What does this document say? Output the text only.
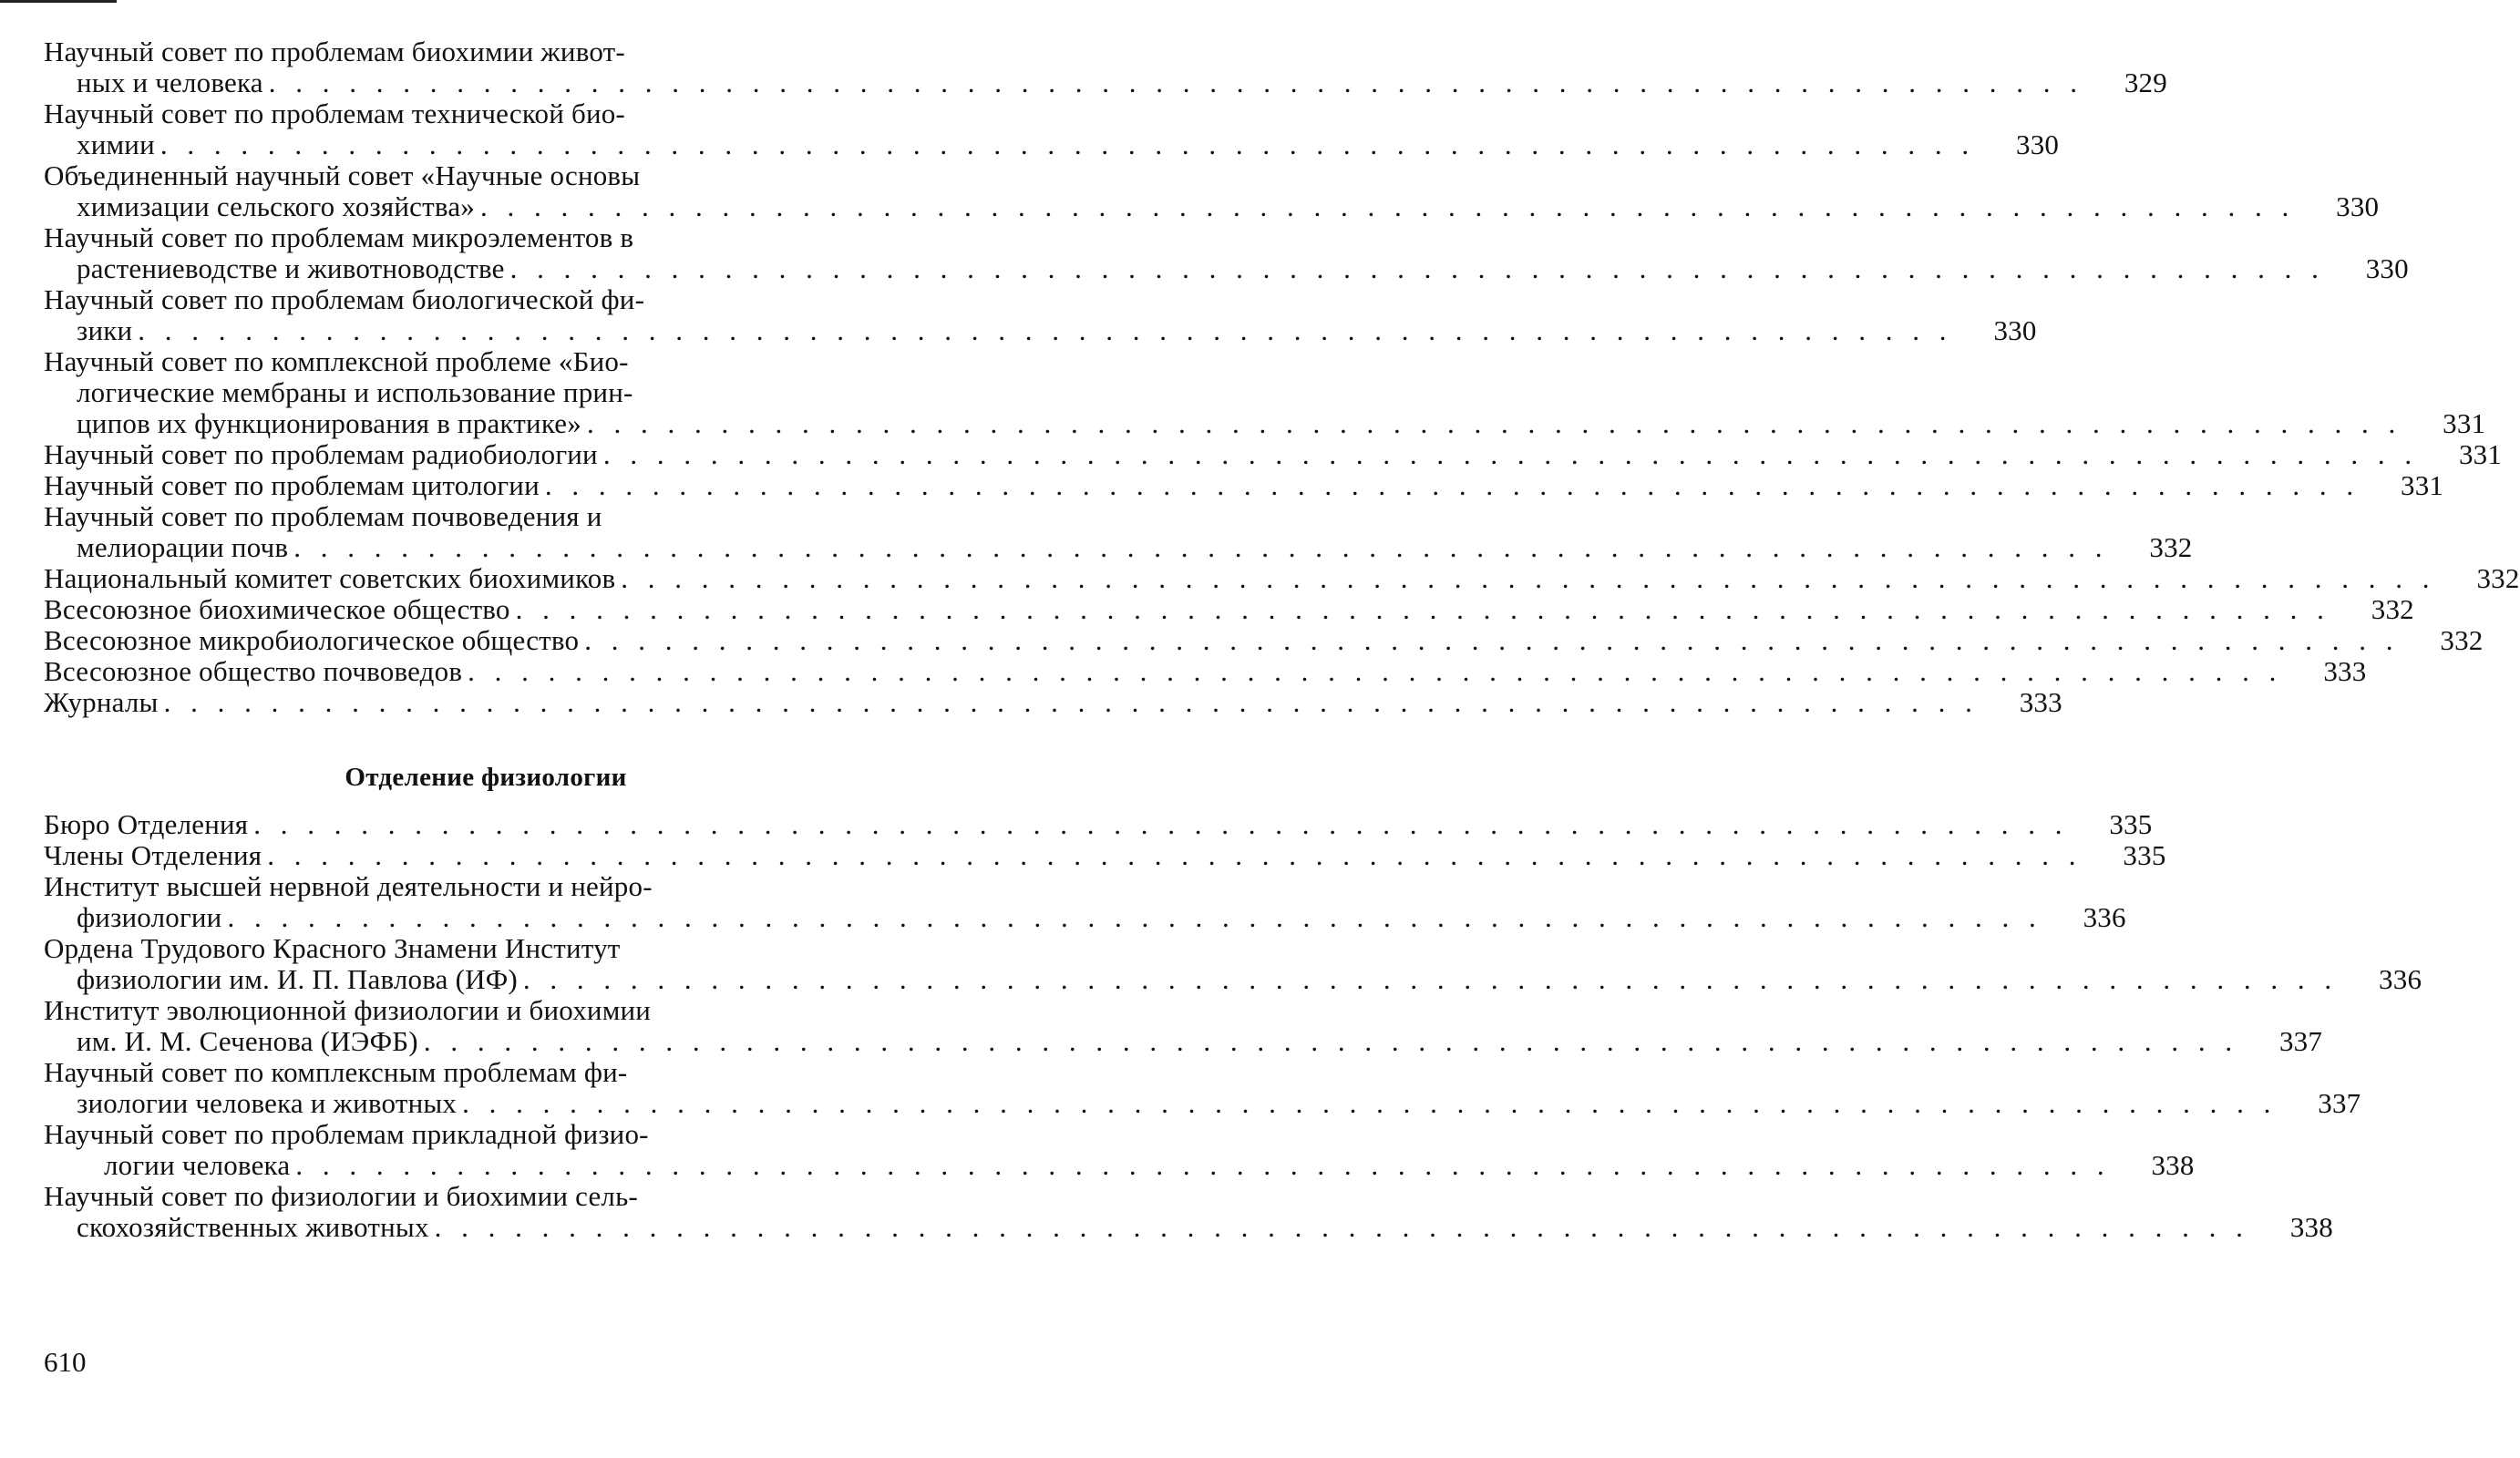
Научный совет по проблемам биохимии живот-
ных и человека . . . . . . . . . . . . . . . . . . . . . . . . . . . . . . . . . . . . . . . . . . . . . . . . . . . . . . . . . . . . . . . . . . . . 329
Научный совет по проблемам технической био-
химии . . . . . . . . . . . . . . . . . . . . . . . . . . . . . . . . . . . . . . . . . . . . . . . . . . . . . . . . . . . . . . . . . . . . 330
Объединенный научный совет «Научные основы
химизации сельского хозяйства» . . . . . . . . . . . . . . . . . . . . . . . . . . . . . . . . . . . . . . . . . . . . . . . . . . . . . . . . . . . . . . . . . . . . 330
Научный совет по проблемам микроэлементов в
растениеводстве и животноводстве . . . . . . . . . . . . . . . . . . . . . . . . . . . . . . . . . . . . . . . . . . . . . . . . . . . . . . . . . . . . . . . . . . . . 330
Научный совет по проблемам биологической фи-
зики . . . . . . . . . . . . . . . . . . . . . . . . . . . . . . . . . . . . . . . . . . . . . . . . . . . . . . . . . . . . . . . . . . . . 330
Научный совет по комплексной проблеме «Био-
логические мембраны и использование прин-
ципов их функционирования в практике» . . . . . . . . . . . . . . . . . . . . . . . . . . . . . . . . . . . . . . . . . . . . . . . . . . . . . . . . . . . . . . . . . . . . 331
Научный совет по проблемам радиобиологии . . . . . . . . . . . . . . . . . . . . . . . . . . . . . . . . . . . . . . . . . . . . . . . . . . . . . . . . . . . . . . . . . . . . 331
Научный совет по проблемам цитологии . . . . . . . . . . . . . . . . . . . . . . . . . . . . . . . . . . . . . . . . . . . . . . . . . . . . . . . . . . . . . . . . . . . . 331
Научный совет по проблемам почвоведения и
мелиорации почв . . . . . . . . . . . . . . . . . . . . . . . . . . . . . . . . . . . . . . . . . . . . . . . . . . . . . . . . . . . . . . . . . . . . 332
Национальный комитет советских биохимиков . . . . . . . . . . . . . . . . . . . . . . . . . . . . . . . . . . . . . . . . . . . . . . . . . . . . . . . . . . . . . . . . . . . . 332
Всесоюзное биохимическое общество . . . . . . . . . . . . . . . . . . . . . . . . . . . . . . . . . . . . . . . . . . . . . . . . . . . . . . . . . . . . . . . . . . . . 332
Всесоюзное микробиологическое общество . . . . . . . . . . . . . . . . . . . . . . . . . . . . . . . . . . . . . . . . . . . . . . . . . . . . . . . . . . . . . . . . . . . . 332
Всесоюзное общество почвоведов . . . . . . . . . . . . . . . . . . . . . . . . . . . . . . . . . . . . . . . . . . . . . . . . . . . . . . . . . . . . . . . . . . . . 333
Журналы . . . . . . . . . . . . . . . . . . . . . . . . . . . . . . . . . . . . . . . . . . . . . . . . . . . . . . . . . . . . . . . . . . . . 333
Отделение физиологии
Бюро Отделения . . . . . . . . . . . . . . . . . . . . . . . . . . . . . . . . . . . . . . . . . . . . . . . . . . . . . . . . . . . . . . . . . . . . 335
Члены Отделения . . . . . . . . . . . . . . . . . . . . . . . . . . . . . . . . . . . . . . . . . . . . . . . . . . . . . . . . . . . . . . . . . . . . 335
Институт высшей нервной деятельности и нейро-
физиологии . . . . . . . . . . . . . . . . . . . . . . . . . . . . . . . . . . . . . . . . . . . . . . . . . . . . . . . . . . . . . . . . . . . . 336
Ордена Трудового Красного Знамени Институт
физиологии им. И. П. Павлова (ИФ) . . . . . . . . . . . . . . . . . . . . . . . . . . . . . . . . . . . . . . . . . . . . . . . . . . . . . . . . . . . . . . . . . . . . 336
Институт эволюционной физиологии и биохимии
им. И. М. Сеченова (ИЭФБ) . . . . . . . . . . . . . . . . . . . . . . . . . . . . . . . . . . . . . . . . . . . . . . . . . . . . . . . . . . . . . . . . . . . . 337
Научный совет по комплексным проблемам фи-
зиологии человека и животных . . . . . . . . . . . . . . . . . . . . . . . . . . . . . . . . . . . . . . . . . . . . . . . . . . . . . . . . . . . . . . . . . . . . 337
Научный совет по проблемам прикладной физио-
логии человека . . . . . . . . . . . . . . . . . . . . . . . . . . . . . . . . . . . . . . . . . . . . . . . . . . . . . . . . . . . . . . . . . . . . 338
Научный совет по физиологии и биохимии сель-
скохозяйственных животных . . . . . . . . . . . . . . . . . . . . . . . . . . . . . . . . . . . . . . . . . . . . . . . . . . . . . . . . . . . . . . . . . . . . 338
610
